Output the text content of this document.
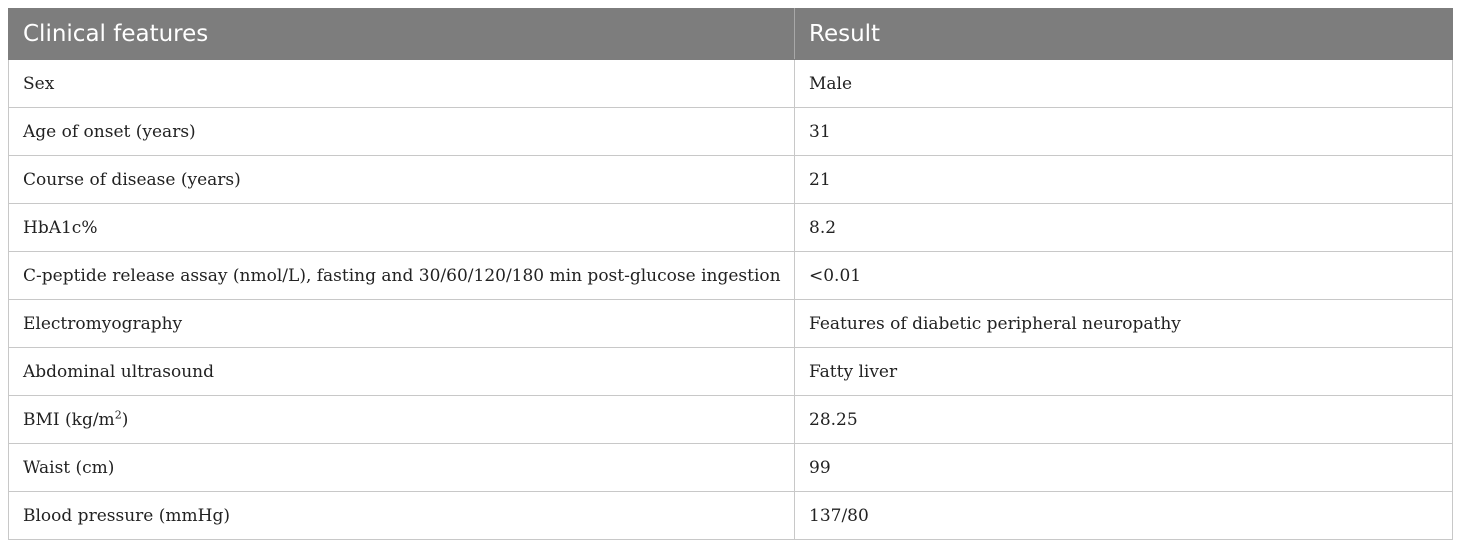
Clinical features	Result
Sex	Male
Age of onset (years)	31
Course of disease (years)	21
HbA1c%	8.2
C-peptide release assay (nmol/L), fasting and 30/60/120/180 min post-glucose ingestion	<0.01
Electromyography	Features of diabetic peripheral neuropathy
Abdominal ultrasound	Fatty liver
BMI $(kg/m^2)$	28.25
Waist (cm)	99
Blood pressure (mmHg)	137/80
